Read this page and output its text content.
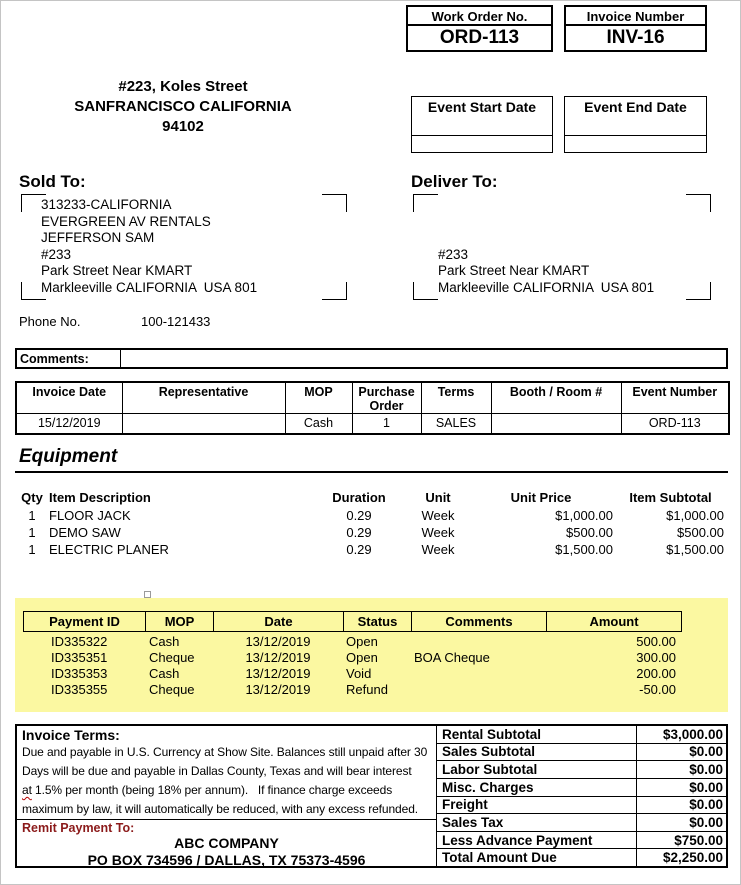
Work Order No.
ORD-113
Invoice Number
INV-16
#223, Koles Street
SANFRANCISCO CALIFORNIA
94102
Event Start Date	Event End Date
Sold To:
313233-CALIFORNIA
EVERGREEN AV RENTALS
JEFFERSON SAM
#233
Park Street Near KMART
Markleeville CALIFORNIA  USA 801
Deliver To:

#233
Park Street Near KMART
Markleeville CALIFORNIA  USA 801
Phone No.	100-121433
Comments:	
Invoice Date	Representative	MOP	Purchase Order	Terms	Booth / Room #	Event Number
15/12/2019		Cash	1	SALES		ORD-113
Equipment
Qty	Item Description	Duration	Unit	Unit Price	Item Subtotal
1	FLOOR JACK	0.29	Week	$1,000.00	$1,000.00
1	DEMO SAW	0.29	Week	$500.00	$500.00
1	ELECTRIC PLANER	0.29	Week	$1,500.00	$1,500.00
Payment ID	MOP	Date	Status	Comments	Amount
ID335322	Cash	13/12/2019	Open		500.00
ID335351	Cheque	13/12/2019	Open	BOA Cheque	300.00
ID335353	Cash	13/12/2019	Void		200.00
ID335355	Cheque	13/12/2019	Refund		-50.00
Invoice Terms:
Due and payable in U.S. Currency at Show Site. Balances still unpaid after 30
Days will be due and payable in Dallas County, Texas and will bear interest
at 1.5% per month (being 18% per annum).   If finance charge exceeds
maximum by law, it will automatically be reduced, with any excess refunded.
Remit Payment To:
ABC COMPANY
PO BOX 734596 / DALLAS, TX 75373-4596
Rental Subtotal	$3,000.00
Sales Subtotal	$0.00
Labor Subtotal	$0.00
Misc. Charges	$0.00
Freight	$0.00
Sales Tax	$0.00
Less Advance Payment	$750.00
Total Amount Due	$2,250.00
